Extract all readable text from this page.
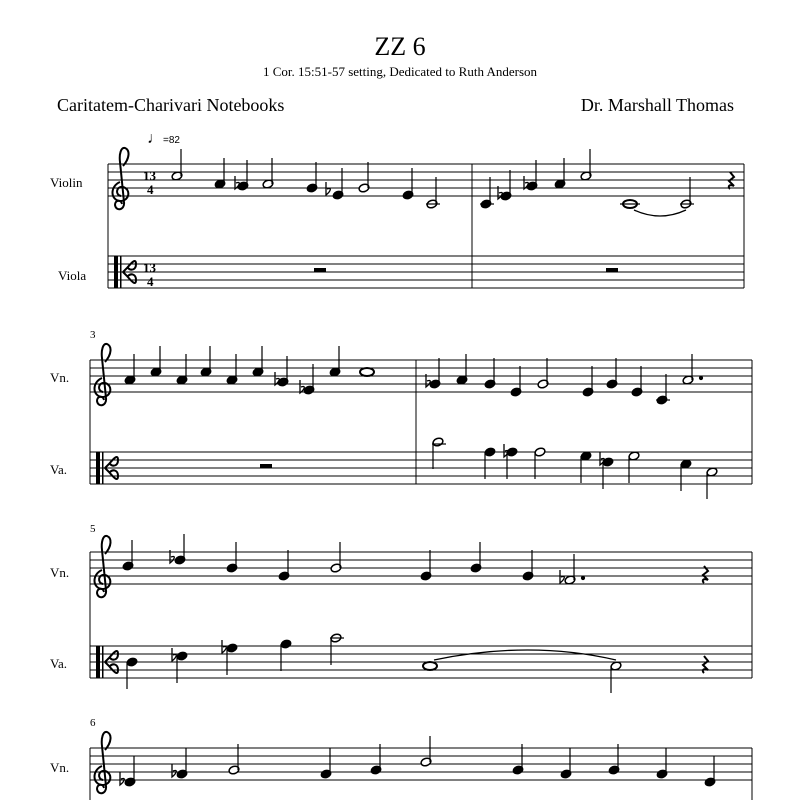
ZZ 6
1 Cor. 15:51-57 setting, Dedicated to Ruth Anderson
Caritatem-Charivari Notebooks	Dr. Marshall Thomas
♩=82
Violin
Viola
13
4
13
4
3
Vn.
Va.
5
Vn.
Va.
6
Vn.
